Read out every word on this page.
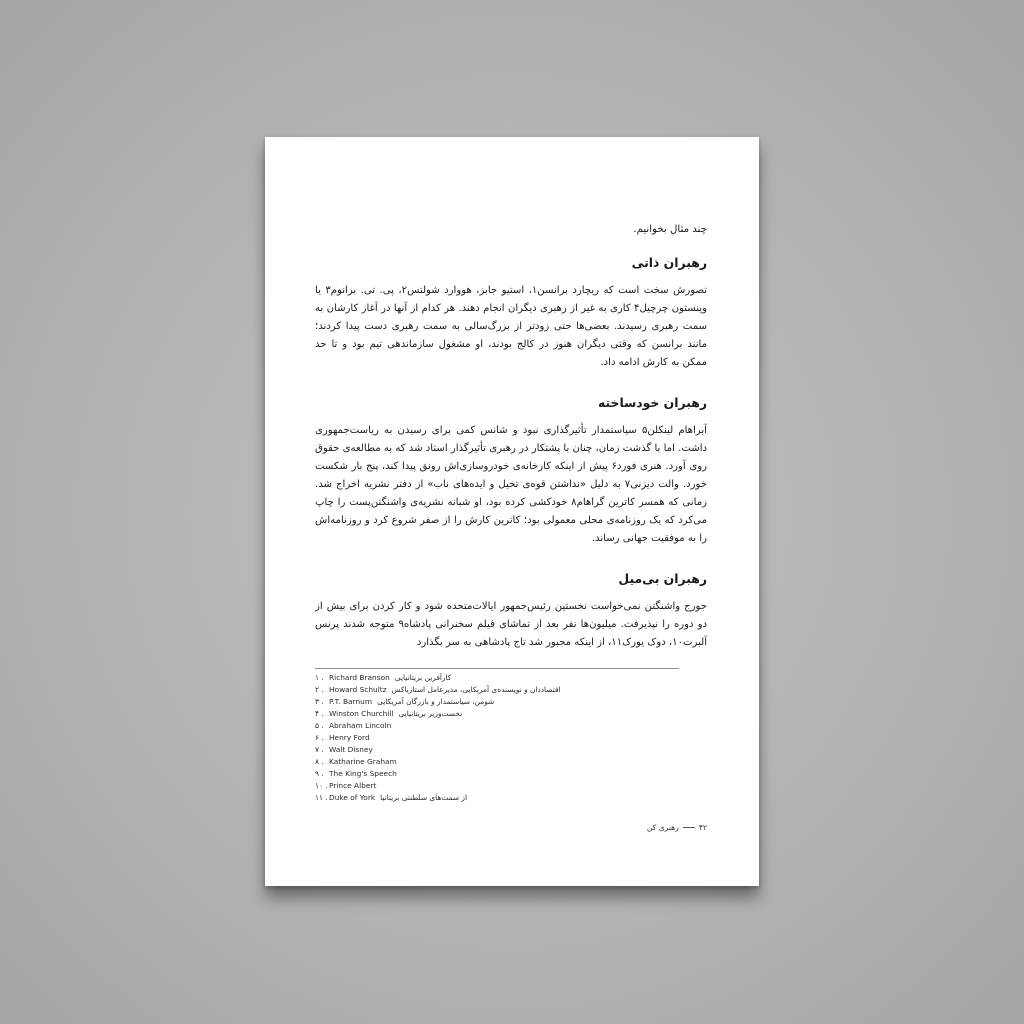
چند مثال بخوانیم.

رهبران ذاتی

تصورش سخت است که ریچارد برانسن۱، استیو جابز، هووارد شولتس۲، پی. تی. برانوم۳ یا وینستون چرچیل۴ کاری به غیر از رهبری دیگران انجام دهند. هر کدام از آنها در آغاز کارشان به سمت رهبری رسیدند. بعضی‌ها حتی زودتر از بزرگ‌سالی به سمت رهبری دست پیدا کردند؛ مانند برانسن که وقتی دیگران هنوز در کالج بودند، او مشغول سازماندهی تیم بود و تا حد ممکن به کارش ادامه داد.

رهبران خودساخته

آبراهام لینکلن۵ سیاستمدار تأثیرگذاری نبود و شانس کمی برای رسیدن به ریاست‌جمهوری داشت. اما با گذشت زمان، چنان با پشتکار در رهبری تأثیرگذار استاد شد که به مطالعه‌ی حقوق روی آورد. هنری فورد۶ پیش از اینکه کارخانه‌ی خودروسازی‌اش رونق پیدا کند، پنج بار شکست خورد. والت دیزنی۷ به دلیل «نداشتن قوه‌ی تخیل و ایده‌های ناب» از دفتر نشریه اخراج شد. زمانی که همسر کاترین گراهام۸ خودکشی کرده بود، او شبانه نشریه‌ی واشنگتن‌پست را چاپ می‌کرد که یک روزنامه‌ی محلی معمولی بود؛ کاترین کارش را از صفر شروع کرد و روزنامه‌اش را به موفقیت جهانی رساند.

رهبران بی‌میل

جورج واشنگتن نمی‌خواست نخستین رئیس‌جمهور ایالات‌متحده شود و کار کردن برای بیش از دو دوره را نپذیرفت. میلیون‌ها نفر بعد از تماشای فیلم سخنرانی پادشاه۹ متوجه شدند پرنس آلبرت۱۰، دوک یورک۱۱، از اینکه مجبور شد تاج پادشاهی به سر بگذارد

۱ . Richard Branson کارآفرین بریتانیایی
۲ . Howard Schultz اقتصاددان و نویسنده‌ی آمریکایی، مدیرعامل استارباکس
۳ . P.T. Barnum شومن، سیاستمدار و بازرگان آمریکایی
۴ . Winston Churchill نخست‌وزیر بریتانیایی
۵ . Abraham Lincoln
۶ . Henry Ford
۷ . Walt Disney
۸ . Katharine Graham
۹ . The King's Speech
۱۰ . Prince Albert
۱۱ . Duke of York از سمت‌های سلطنتی بریتانیا
۴۲
رهبری کن
